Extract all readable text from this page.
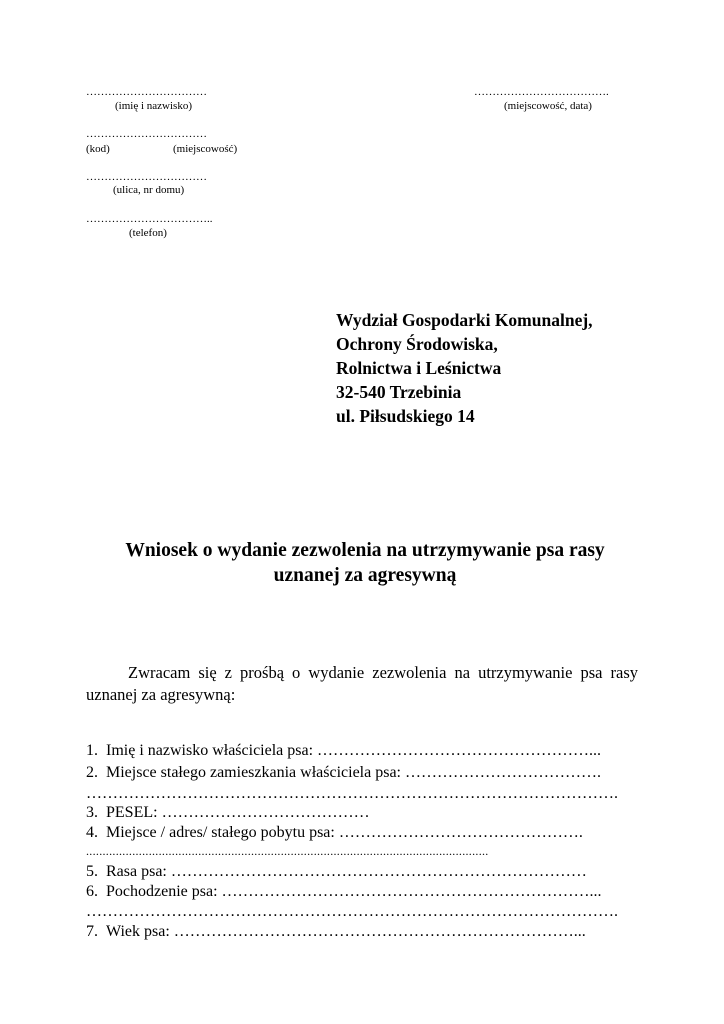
……………………………
(imię i nazwisko)
……………………………
(kod)	(miejscowość)
……………………………
(ulica, nr domu)
……………………………..
(telefon)
……………………………….
(miejscowość, data)
Wydział Gospodarki Komunalnej,
Ochrony Środowiska,
Rolnictwa i Leśnictwa
32-540 Trzebinia
ul. Piłsudskiego 14
Wniosek o wydanie zezwolenia na utrzymywanie psa rasy
uznanej za agresywną
Zwracam się z prośbą o wydanie zezwolenia na utrzymywanie psa rasy
uznanej za agresywną:
1. Imię i nazwisko właściciela psa: ……………………………………………...
2. Miejsce stałego zamieszkania właściciela psa: ……………………………….
……………………………………………………………………………………….
3. PESEL: …………………………………
4. Miejsce / adres/ stałego pobytu psa: ……………………………………….
..........................................................................................................................
5. Rasa psa: ……………………………………………………………………
6. Pochodzenie psa: ……………………………………………………………...
……………………………………………………………………………………….
7. Wiek psa: …………………………………………………………………...
